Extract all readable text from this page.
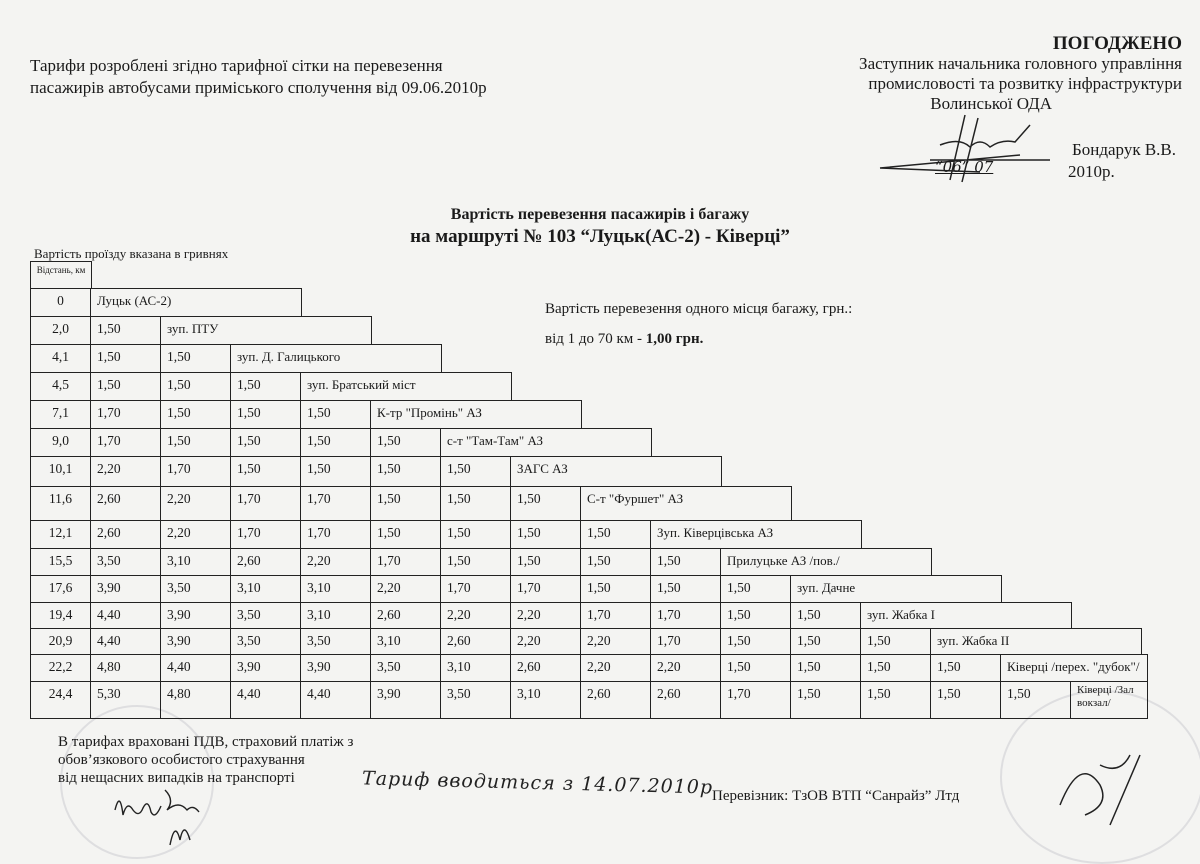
Тарифи розроблені згідно тарифної сітки на перевезення
пасажирів автобусами приміського сполучення від 09.06.2010р
ПОГОДЖЕНО
Заступник начальника головного управління
промисловості та розвитку інфраструктури
Волинської ОДА
Бондарук В.В.
“06” 07	2010р.
Вартість перевезення пасажирів і багажу
на маршруті № 103 “Луцьк(АС-2) - Ківерці”
Вартість проїзду вказана в гривнях
Вартість перевезення одного місця багажу, грн.:
від 1 до 70 км - 1,00 грн.
Відстань, км
0	Луцьк (АС-2)
2,0	1,50	зуп. ПТУ
4,1	1,50	1,50	зуп. Д. Галицького
4,5	1,50	1,50	1,50	зуп. Братський міст
7,1	1,70	1,50	1,50	1,50	К-тр "Промінь" АЗ
9,0	1,70	1,50	1,50	1,50	1,50	с-т "Там-Там" АЗ
10,1	2,20	1,70	1,50	1,50	1,50	1,50	ЗАГС АЗ
11,6	2,60	2,20	1,70	1,70	1,50	1,50	1,50	С-т "Фуршет" АЗ
12,1	2,60	2,20	1,70	1,70	1,50	1,50	1,50	1,50	Зуп. Ківерцівська АЗ
15,5	3,50	3,10	2,60	2,20	1,70	1,50	1,50	1,50	1,50	Прилуцьке АЗ /пов./
17,6	3,90	3,50	3,10	3,10	2,20	1,70	1,70	1,50	1,50	1,50	зуп. Дачне
19,4	4,40	3,90	3,50	3,10	2,60	2,20	2,20	1,70	1,70	1,50	1,50	зуп. Жабка I
20,9	4,40	3,90	3,50	3,50	3,10	2,60	2,20	2,20	1,70	1,50	1,50	1,50	зуп. Жабка II
22,2	4,80	4,40	3,90	3,90	3,50	3,10	2,60	2,20	2,20	1,50	1,50	1,50	1,50	Ківерці /перех. "дубок"/
24,4	5,30	4,80	4,40	4,40	3,90	3,50	3,10	2,60	2,60	1,70	1,50	1,50	1,50	1,50	Ківерці /Зал вокзал/
В тарифах враховані ПДВ, страховий платіж з
обов’язкового особистого страхування
від нещасних випадків на транспорті	Тариф вводиться з 14.07.2010р
Перевізник: ТзОВ ВТП “Санрайз” Лтд
